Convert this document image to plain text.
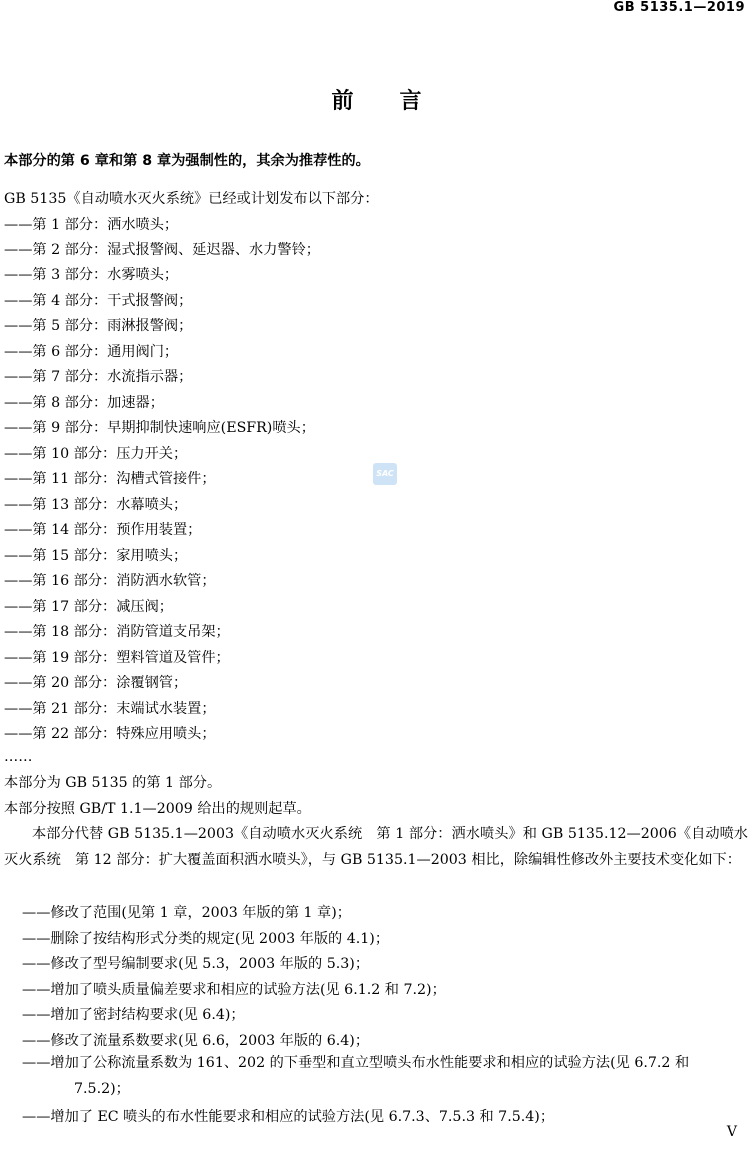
GB 5135.1—2019
前言
SAC
本部分的第 6 章和第 8 章为强制性的，其余为推荐性的。
GB 5135《自动喷水灭火系统》已经或计划发布以下部分：
——第 1 部分：洒水喷头；
——第 2 部分：湿式报警阀、延迟器、水力警铃；
——第 3 部分：水雾喷头；
——第 4 部分：干式报警阀；
——第 5 部分：雨淋报警阀；
——第 6 部分：通用阀门；
——第 7 部分：水流指示器；
——第 8 部分：加速器；
——第 9 部分：早期抑制快速响应(ESFR)喷头；
——第 10 部分：压力开关；
——第 11 部分：沟槽式管接件；
——第 13 部分：水幕喷头；
——第 14 部分：预作用装置；
——第 15 部分：家用喷头；
——第 16 部分：消防洒水软管；
——第 17 部分：减压阀；
——第 18 部分：消防管道支吊架；
——第 19 部分：塑料管道及管件；
——第 20 部分：涂覆钢管；
——第 21 部分：末端试水装置；
——第 22 部分：特殊应用喷头；
……
本部分为 GB 5135 的第 1 部分。
本部分按照 GB/T 1.1—2009 给出的规则起草。
本部分代替 GB 5135.1—2003《自动喷水灭火系统　第 1 部分：洒水喷头》和 GB 5135.12—2006《自动喷水灭火系统　第 12 部分：扩大覆盖面积洒水喷头》，与 GB 5135.1—2003 相比，除编辑性修改外主要技术变化如下：
——修改了范围(见第 1 章，2003 年版的第 1 章)；
——删除了按结构形式分类的规定(见 2003 年版的 4.1)；
——修改了型号编制要求(见 5.3，2003 年版的 5.3)；
——增加了喷头质量偏差要求和相应的试验方法(见 6.1.2 和 7.2)；
——增加了密封结构要求(见 6.4)；
——修改了流量系数要求(见 6.6，2003 年版的 6.4)；
——增加了公称流量系数为 161、202 的下垂型和直立型喷头布水性能要求和相应的试验方法(见 6.7.2 和 7.5.2)；
——增加了 EC 喷头的布水性能要求和相应的试验方法(见 6.7.3、7.5.3 和 7.5.4)；
V
